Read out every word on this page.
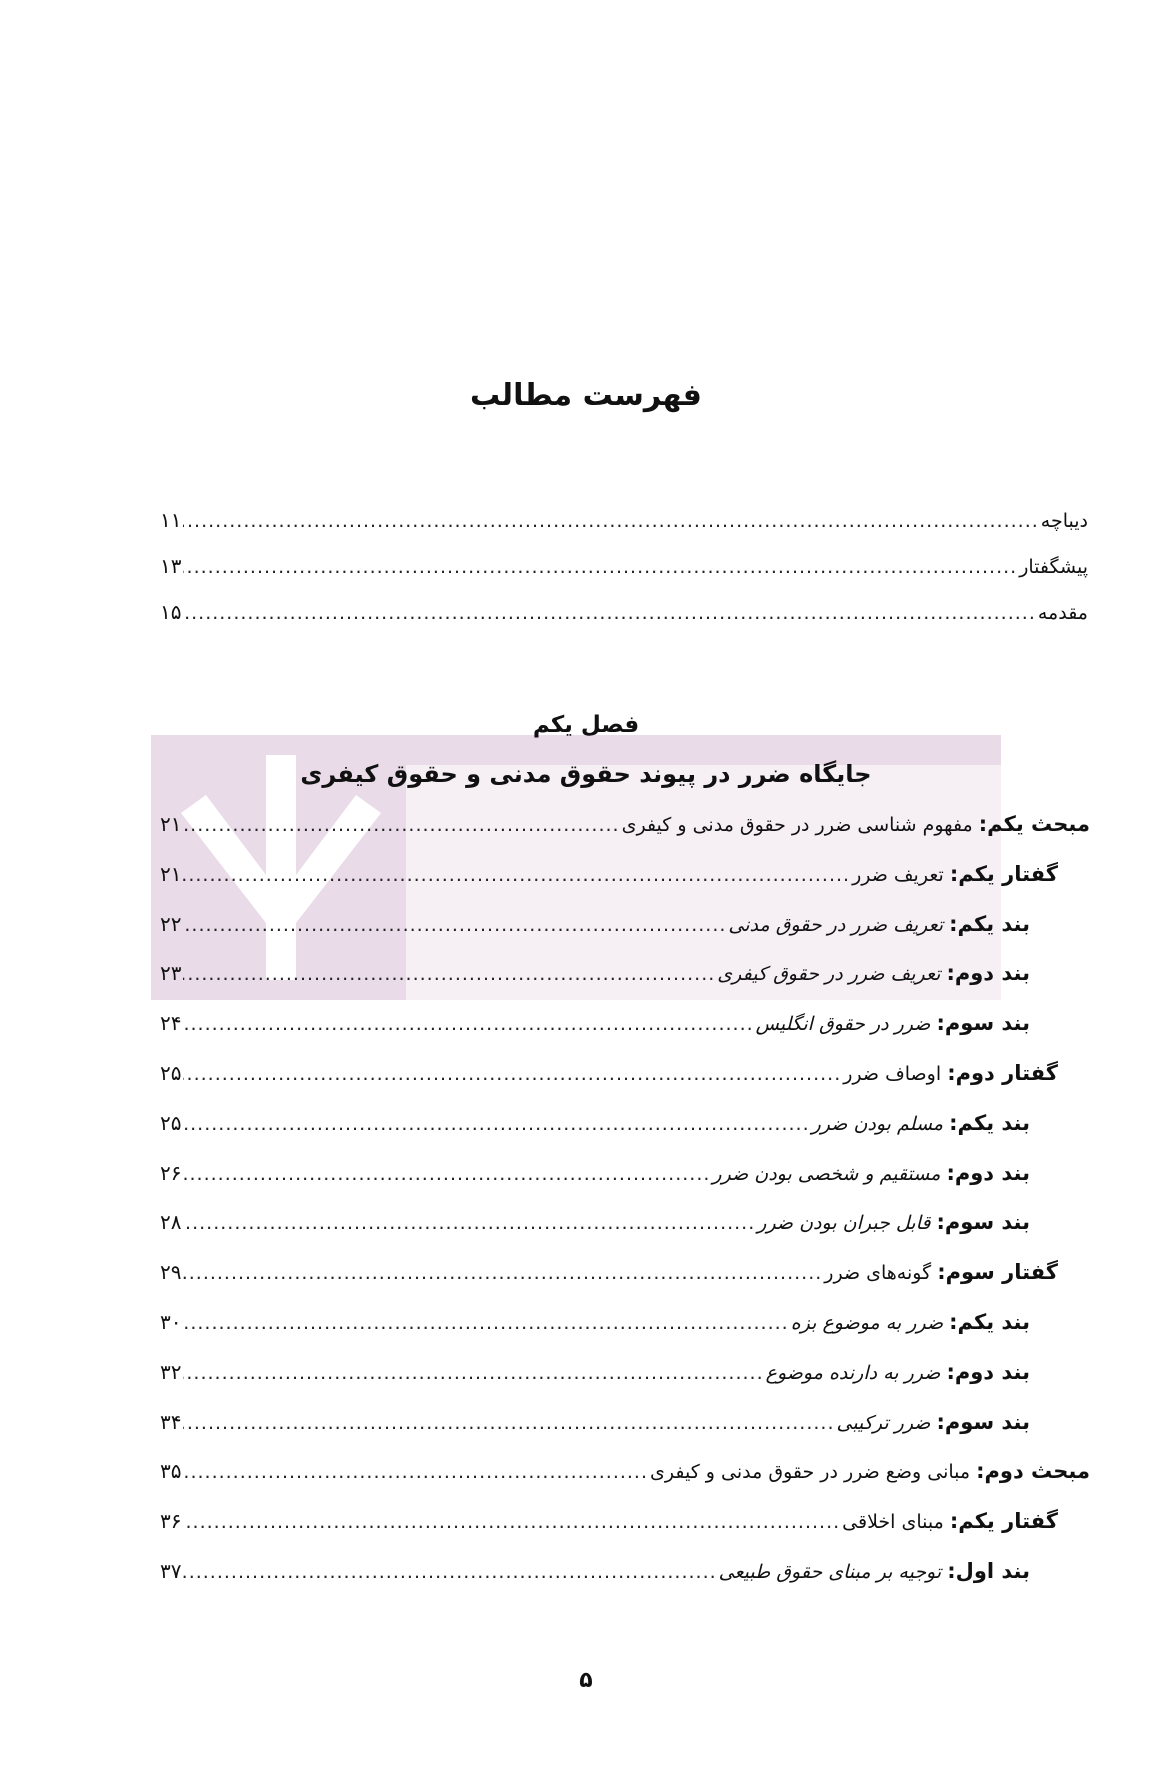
فهرست مطالب
دیباچه
.....
۱۱
پیشگفتار
.....
۱۳
مقدمه
.....
۱۵
فصل یکم
جایگاه ضرر در پیوند حقوق مدنی و حقوق کیفری
مبحث یکم: مفهوم شناسی ضرر در حقوق مدنی و کیفری
.....
۲۱
گفتار یکم: تعریف ضرر
.....
۲۱
بند یکم: تعریف ضرر در حقوق مدنی
.....
۲۲
بند دوم: تعریف ضرر در حقوق کیفری
.....
۲۳
بند سوم: ضرر در حقوق انگلیس
.....
۲۴
گفتار دوم: اوصاف ضرر
.....
۲۵
بند یکم: مسلم بودن ضرر
.....
۲۵
بند دوم: مستقیم و شخصی بودن ضرر
.....
۲۶
بند سوم: قابل جبران بودن ضرر
.....
۲۸
گفتار سوم: گونه‌های ضرر
.....
۲۹
بند یکم: ضرر به موضوع بزه
.....
۳۰
بند دوم: ضرر به دارنده موضوع
.....
۳۲
بند سوم: ضرر ترکیبی
.....
۳۴
مبحث دوم: مبانی وضع ضرر در حقوق مدنی و کیفری
.....
۳۵
گفتار یکم: مبنای اخلاقی
.....
۳۶
بند اول: توجیه بر مبنای حقوق طبیعی
.....
۳۷
۵
